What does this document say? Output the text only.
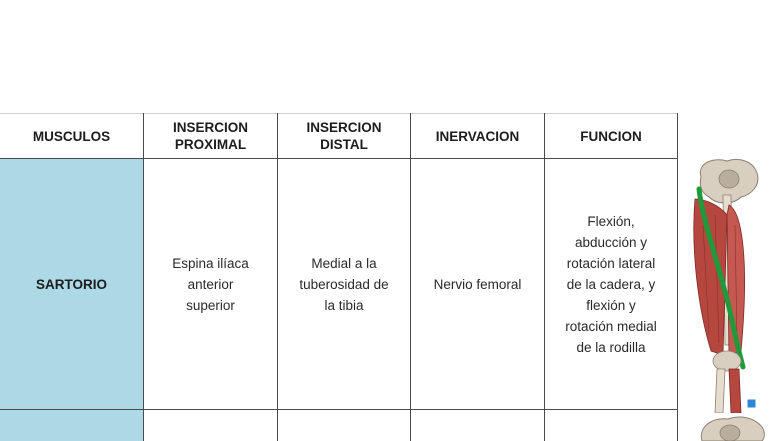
MUSCULOS
INSERCION
PROXIMAL
INSERCION
DISTAL
INERVACION	FUNCION
SARTORIO
Espina ilíaca
anterior
superior
Medial a la
tuberosidad de
la tibia
Nervio femoral
Flexión,
abducción y
rotación lateral
de la cadera, y
flexión y
rotación medial
de la rodilla
